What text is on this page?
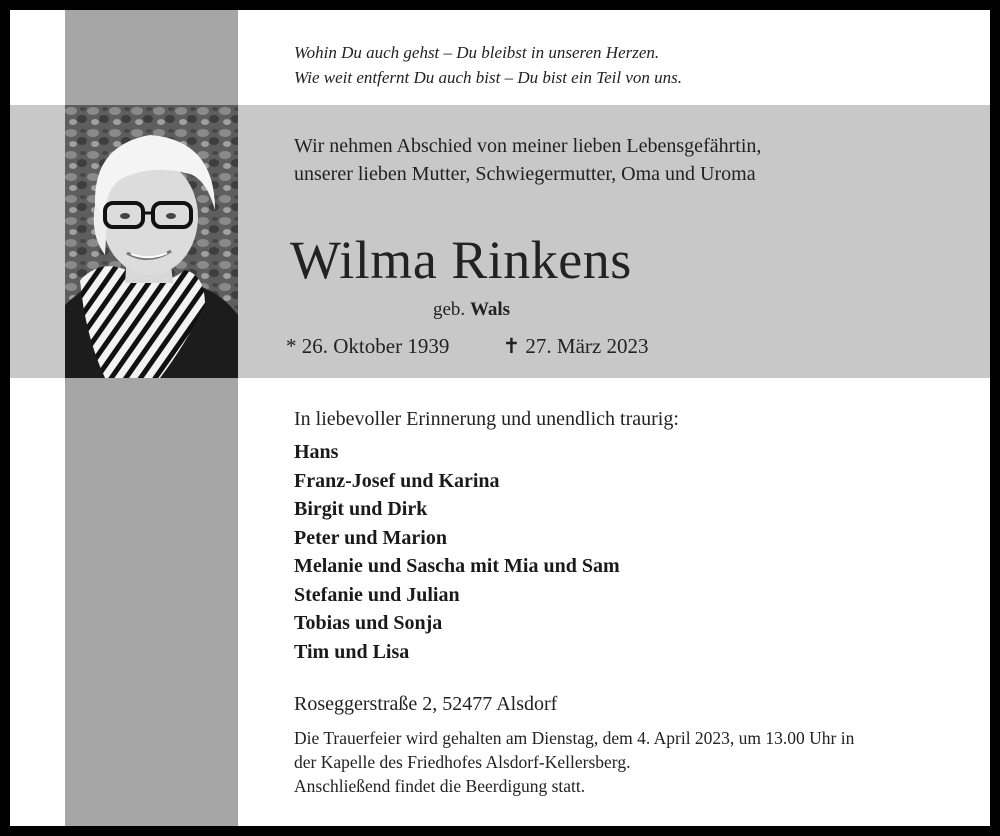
Wohin Du auch gehst – Du bleibst in unseren Herzen.
Wie weit entfernt Du auch bist – Du bist ein Teil von uns.
Wir nehmen Abschied von meiner lieben Lebensgefährtin,
unserer lieben Mutter, Schwiegermutter, Oma und Uroma
Wilma Rinkens
geb. Wals
* 26. Oktober 1939	✝ 27. März 2023
In liebevoller Erinnerung und unendlich traurig:
Hans
Franz-Josef und Karina
Birgit und Dirk
Peter und Marion
Melanie und Sascha mit Mia und Sam
Stefanie und Julian
Tobias und Sonja
Tim und Lisa
Roseggerstraße 2, 52477 Alsdorf
Die Trauerfeier wird gehalten am Dienstag, dem 4. April 2023, um 13.00 Uhr in
der Kapelle des Friedhofes Alsdorf-Kellersberg.
Anschließend findet die Beerdigung statt.
